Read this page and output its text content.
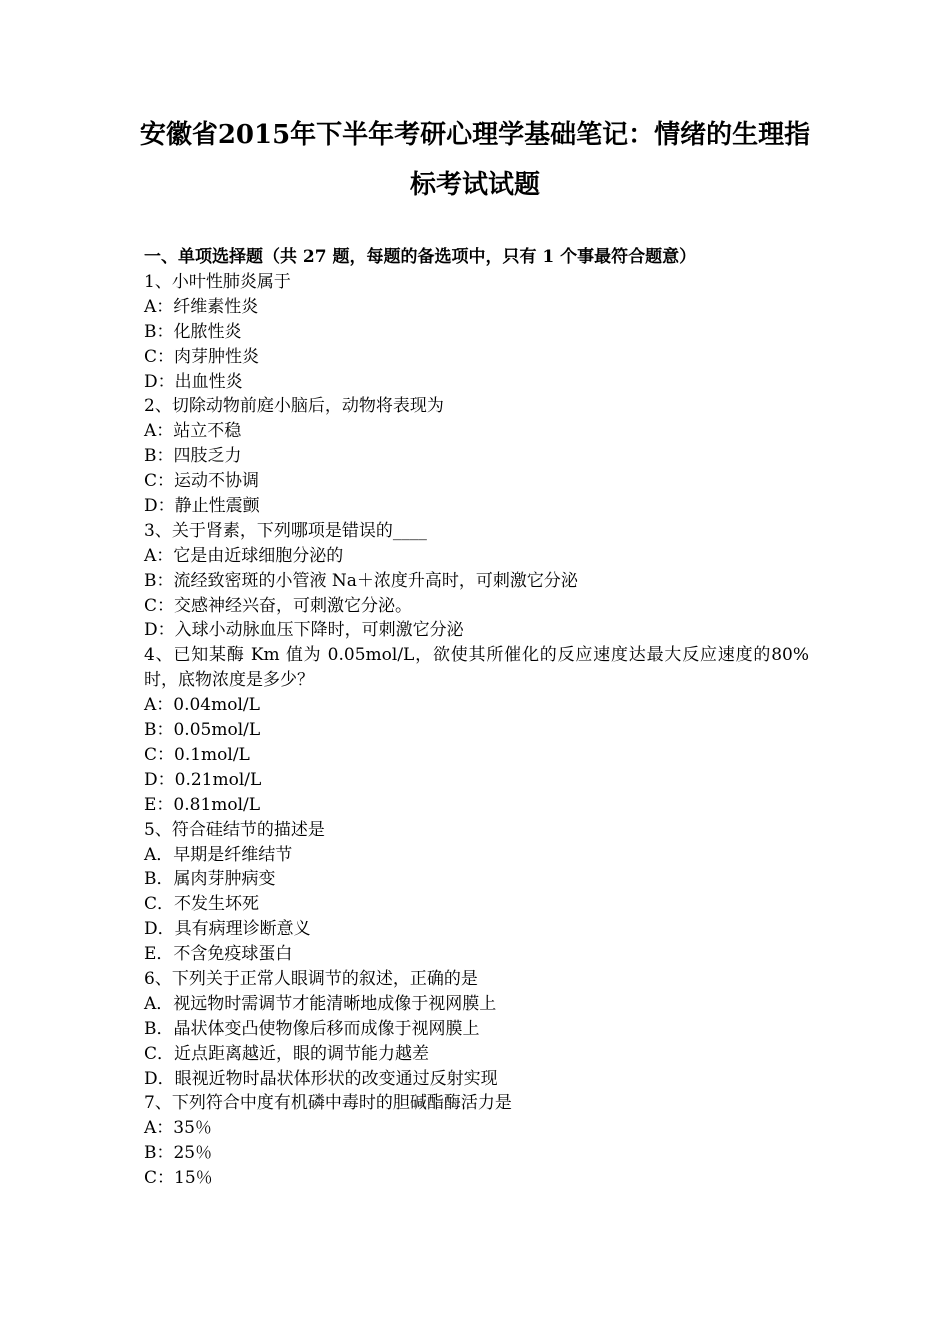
安徽省2015年下半年考研心理学基础笔记：情绪的生理指
标考试试题

一、单项选择题（共 27 题，每题的备选项中，只有 1 个事最符合题意）

1、小叶性肺炎属于
A：纤维素性炎
B：化脓性炎
C：肉芽肿性炎
D：出血性炎
2、切除动物前庭小脑后，动物将表现为
A：站立不稳
B：四肢乏力
C：运动不协调
D：静止性震颤
3、关于肾素，下列哪项是错误的____
A：它是由近球细胞分泌的
B：流经致密斑的小管液 Na＋浓度升高时，可刺激它分泌
C：交感神经兴奋，可刺激它分泌。
D：入球小动脉血压下降时，可刺激它分泌
4、已知某酶 Km 值为 0.05mol/L，欲使其所催化的反应速度达最大反应速度的80%时，底物浓度是多少？
A：0.04mol/L
B：0.05mol/L
C：0.1mol/L
D：0.21mol/L
E：0.81mol/L
5、符合硅结节的描述是
A．早期是纤维结节
B．属肉芽肿病变
C．不发生坏死
D．具有病理诊断意义
E．不含免疫球蛋白
6、下列关于正常人眼调节的叙述，正确的是
A．视远物时需调节才能清晰地成像于视网膜上
B．晶状体变凸使物像后移而成像于视网膜上
C．近点距离越近，眼的调节能力越差
D．眼视近物时晶状体形状的改变通过反射实现
7、下列符合中度有机磷中毒时的胆碱酯酶活力是
A：35％
B：25％
C：15％
